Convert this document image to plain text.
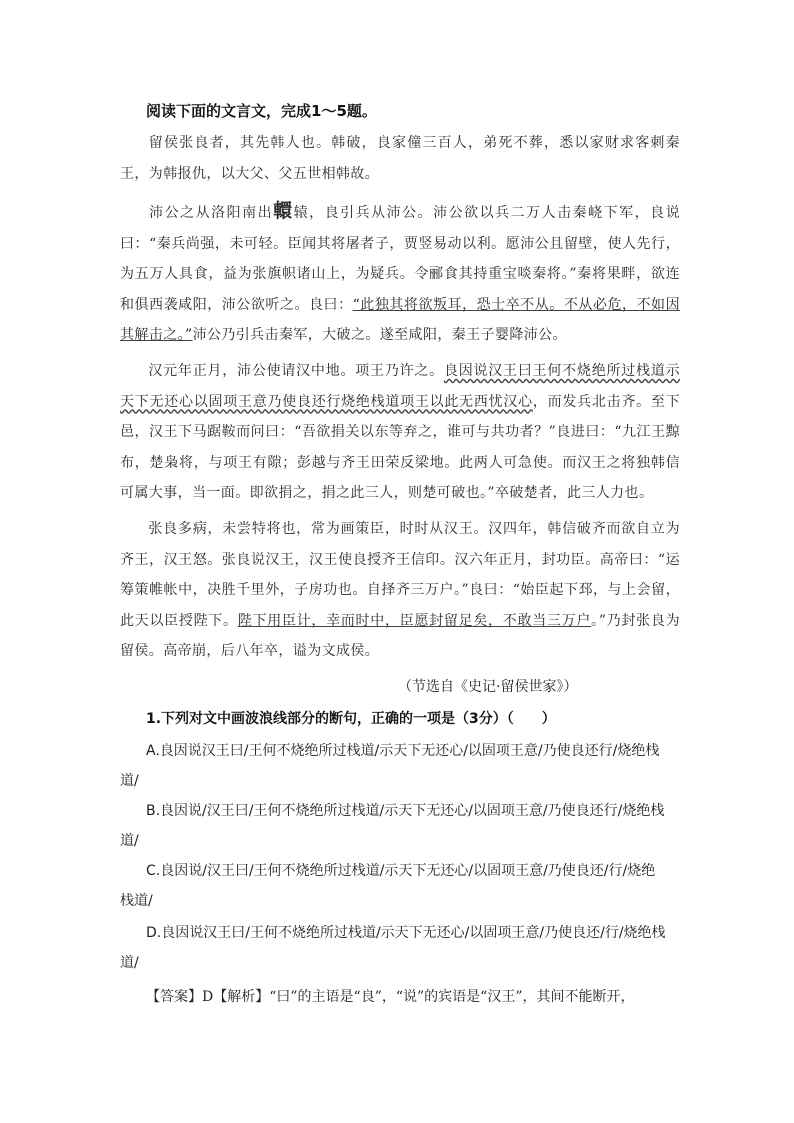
阅读下面的文言文，完成1～5题。
留侯张良者，其先韩人也。韩破，良家僮三百人，弟死不葬，悉以家财求客刺秦王，为韩报仇，以大父、父五世相韩故。
沛公之从洛阳南出轘辕，良引兵从沛公。沛公欲以兵二万人击秦峣下军，良说曰：“秦兵尚强，未可轻。臣闻其将屠者子，贾竖易动以利。愿沛公且留壁，使人先行，为五万人具食，益为张旗帜诸山上，为疑兵。令郦食其持重宝啖秦将。”秦将果畔，欲连和俱西袭咸阳，沛公欲听之。良曰：“此独其将欲叛耳，恐士卒不从。不从必危，不如因其解击之。”沛公乃引兵击秦军，大破之。遂至咸阳，秦王子婴降沛公。
汉元年正月，沛公使请汉中地。项王乃许之。良因说汉王曰王何不烧绝所过栈道示天下无还心以固项王意乃使良还行烧绝栈道项王以此无西忧汉心，而发兵北击齐。至下邑，汉王下马踞鞍而问曰：“吾欲捐关以东等弃之，谁可与共功者？”良进曰：“九江王黥布，楚枭将，与项王有隙；彭越与齐王田荣反梁地。此两人可急使。而汉王之将独韩信可属大事，当一面。即欲捐之，捐之此三人，则楚可破也。”卒破楚者，此三人力也。
张良多病，未尝特将也，常为画策臣，时时从汉王。汉四年，韩信破齐而欲自立为齐王，汉王怒。张良说汉王，汉王使良授齐王信印。汉六年正月，封功臣。高帝曰：“运筹策帷帐中，决胜千里外，子房功也。自择齐三万户。”良曰：“始臣起下邳，与上会留，此天以臣授陛下。陛下用臣计，幸而时中，臣愿封留足矣，不敢当三万户。”乃封张良为留侯。高帝崩，后八年卒，谥为文成侯。
（节选自《史记·留侯世家》）
1.下列对文中画波浪线部分的断句，正确的一项是（3分）（　　）
A.良因说汉王曰/王何不烧绝所过栈道/示天下无还心/以固项王意/乃使良还行/烧绝栈
道/
B.良因说/汉王曰/王何不烧绝所过栈道/示天下无还心/以固项王意/乃使良还行/烧绝栈
道/
C.良因说/汉王曰/王何不烧绝所过栈道/示天下无还心/以固项王意/乃使良还/行/烧绝
栈道/
D.良因说汉王曰/王何不烧绝所过栈道/示天下无还心/以固项王意/乃使良还/行/烧绝栈
道/
【答案】D【解析】“曰”的主语是“良”，“说”的宾语是“汉王”，其间不能断开，
